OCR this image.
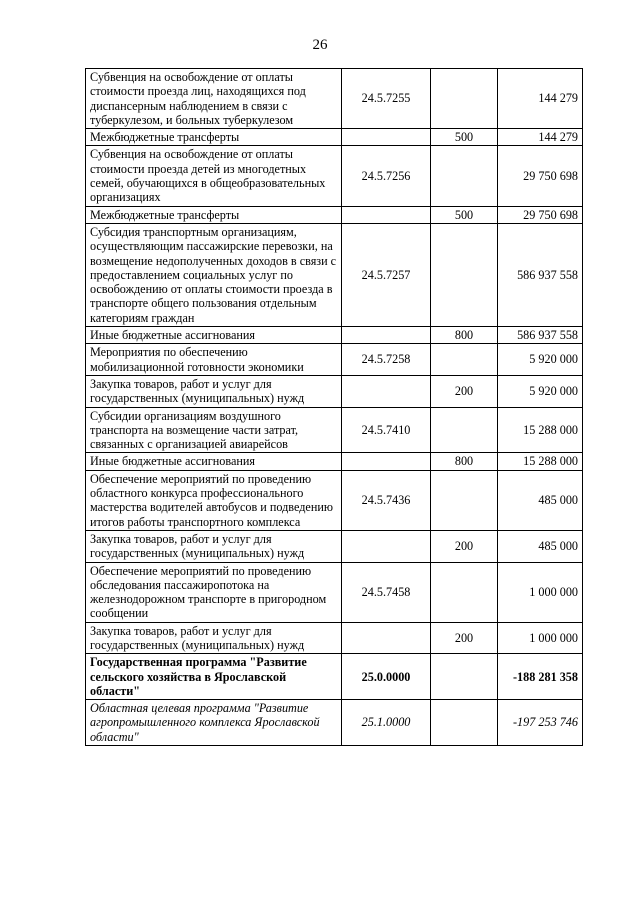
26
Субвенция на освобождение от оплаты стоимости проезда лиц, находящихся под диспансерным наблюдением в связи с туберкулезом, и больных туберкулезом	24.5.7255		144 279
Межбюджетные трансферты		500	144 279
Субвенция на освобождение от оплаты стоимости проезда детей из многодетных семей, обучающихся в общеобразовательных организациях	24.5.7256		29 750 698
Межбюджетные трансферты		500	29 750 698
Субсидия транспортным организациям, осуществляющим пассажирские перевозки, на возмещение недополученных доходов в связи с предоставлением социальных услуг по освобождению от оплаты стоимости проезда в транспорте общего пользования отдельным категориям граждан	24.5.7257		586 937 558
Иные бюджетные ассигнования		800	586 937 558
Мероприятия по обеспечению мобилизационной готовности экономики	24.5.7258		5 920 000
Закупка товаров, работ и услуг для государственных (муниципальных) нужд		200	5 920 000
Субсидии организациям воздушного транспорта на возмещение части затрат, связанных с организацией авиарейсов	24.5.7410		15 288 000
Иные бюджетные ассигнования		800	15 288 000
Обеспечение мероприятий по проведению областного конкурса профессионального мастерства водителей автобусов и подведению итогов работы транспортного комплекса	24.5.7436		485 000
Закупка товаров, работ и услуг для государственных (муниципальных) нужд		200	485 000
Обеспечение мероприятий по проведению обследования пассажиропотока на железнодорожном транспорте в пригородном сообщении	24.5.7458		1 000 000
Закупка товаров, работ и услуг для государственных (муниципальных) нужд		200	1 000 000
Государственная программа "Развитие сельского хозяйства в Ярославской области"	25.0.0000		-188 281 358
Областная целевая программа "Развитие агропромышленного комплекса Ярославской области"	25.1.0000		-197 253 746
